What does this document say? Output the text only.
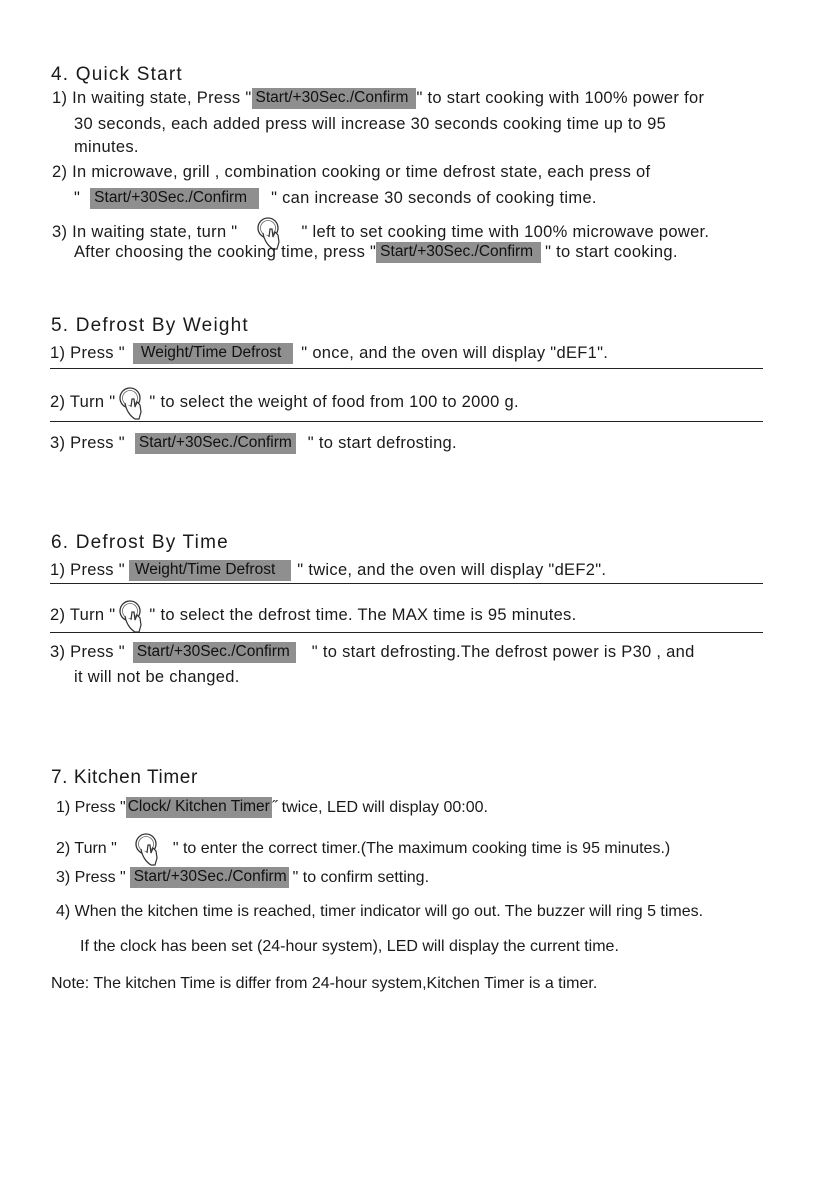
4. Quick Start
1) In waiting state, Press " Start/+30Sec./Confirm " to start cooking with 100% power for
30 seconds, each added press will increase 30 seconds cooking time up to 95
minutes.
2) In microwave, grill , combination cooking or time defrost state, each press of
" Start/+30Sec./Confirm " can increase 30 seconds of cooking time.
3) In waiting state, turn "	" left to set cooking time with 100% microwave power.
After choosing the cooking time, press " Start/+30Sec./Confirm " to start cooking.
5. Defrost By Weight
1) Press " Weight/Time Defrost " once, and the oven will display "dEF1".
2) Turn " " to select the weight of food from 100 to 2000 g.
3) Press " Start/+30Sec./Confirm " to start defrosting.
6. Defrost By Time
1) Press " Weight/Time Defrost " twice, and the oven will display "dEF2".
2) Turn " " to select the defrost time. The MAX time is 95 minutes.
3) Press " Start/+30Sec./Confirm " to start defrosting.The defrost power is P30 , and
it will not be changed.
7. Kitchen Timer
1) Press " Clock/ Kitchen Timer ˝ twice, LED will display 00:00.
2) Turn "	" to enter the correct timer.(The maximum cooking time is 95 minutes.)
3) Press " Start/+30Sec./Confirm " to confirm setting.
4) When the kitchen time is reached, timer indicator will go out. The buzzer will ring 5 times.
If the clock has been set (24-hour system), LED will display the current time.
Note: The kitchen Time is differ from 24-hour system,Kitchen Timer is a timer.
